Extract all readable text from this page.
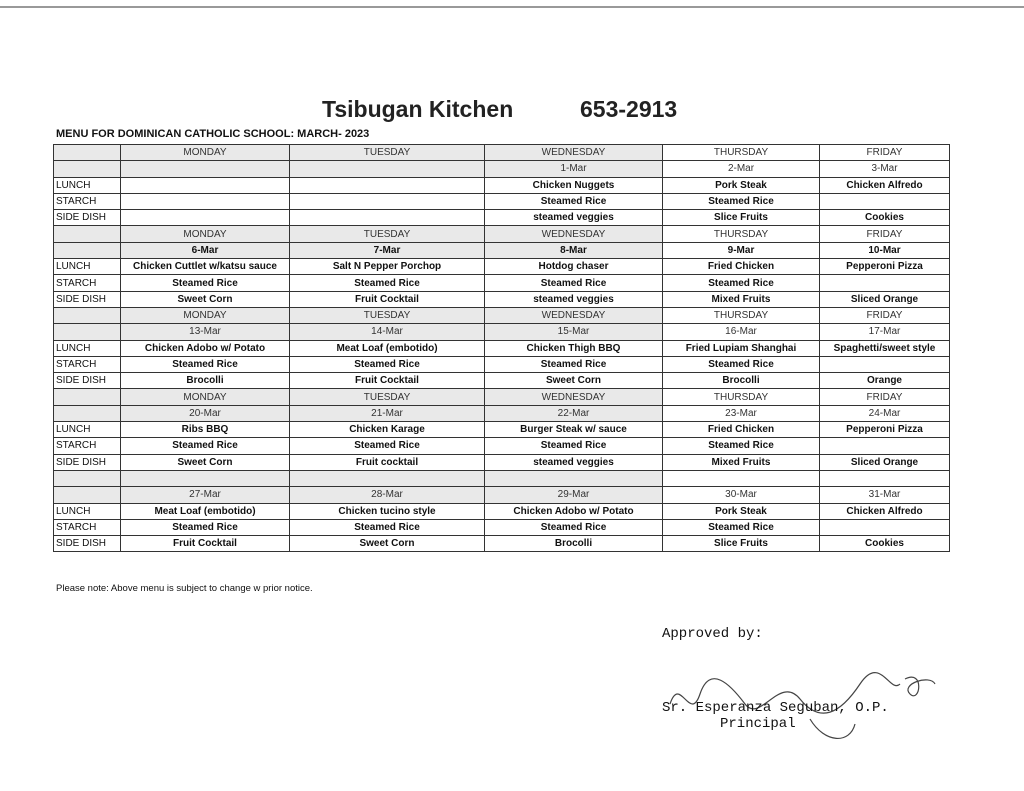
Tsibugan Kitchen	653-2913
MENU FOR DOMINICAN CATHOLIC SCHOOL: MARCH- 2023
	MONDAY	TUESDAY	WEDNESDAY	THURSDAY	FRIDAY
			1-Mar	2-Mar	3-Mar
LUNCH			Chicken Nuggets	Pork Steak	Chicken Alfredo
STARCH			Steamed Rice	Steamed Rice	
SIDE DISH			steamed veggies	Slice Fruits	Cookies
	MONDAY	TUESDAY	WEDNESDAY	THURSDAY	FRIDAY
	6-Mar	7-Mar	8-Mar	9-Mar	10-Mar
LUNCH	Chicken Cuttlet w/katsu sauce	Salt N Pepper Porchop	Hotdog chaser	Fried Chicken	Pepperoni Pizza
STARCH	Steamed Rice	Steamed Rice	Steamed Rice	Steamed Rice	
SIDE DISH	Sweet Corn	Fruit Cocktail	steamed veggies	Mixed Fruits	Sliced Orange
	MONDAY	TUESDAY	WEDNESDAY	THURSDAY	FRIDAY
	13-Mar	14-Mar	15-Mar	16-Mar	17-Mar
LUNCH	Chicken Adobo w/ Potato	Meat Loaf (embotido)	Chicken Thigh BBQ	Fried Lupiam Shanghai	Spaghetti/sweet style
STARCH	Steamed Rice	Steamed Rice	Steamed Rice	Steamed Rice	
SIDE DISH	Brocolli	Fruit Cocktail	Sweet Corn	Brocolli	Orange
	MONDAY	TUESDAY	WEDNESDAY	THURSDAY	FRIDAY
	20-Mar	21-Mar	22-Mar	23-Mar	24-Mar
LUNCH	Ribs BBQ	Chicken Karage	Burger Steak w/ sauce	Fried Chicken	Pepperoni Pizza
STARCH	Steamed Rice	Steamed Rice	Steamed Rice	Steamed Rice	
SIDE DISH	Sweet Corn	Fruit cocktail	steamed veggies	Mixed Fruits	Sliced Orange

	27-Mar	28-Mar	29-Mar	30-Mar	31-Mar
LUNCH	Meat Loaf (embotido)	Chicken tucino style	Chicken Adobo w/ Potato	Pork Steak	Chicken Alfredo
STARCH	Steamed Rice	Steamed Rice	Steamed Rice	Steamed Rice	
SIDE DISH	Fruit Cocktail	Sweet Corn	Brocolli	Slice Fruits	Cookies
Please note: Above menu is subject to change w prior notice.
Approved by:
Sr. Esperanza Seguban, O.P.
Principal
